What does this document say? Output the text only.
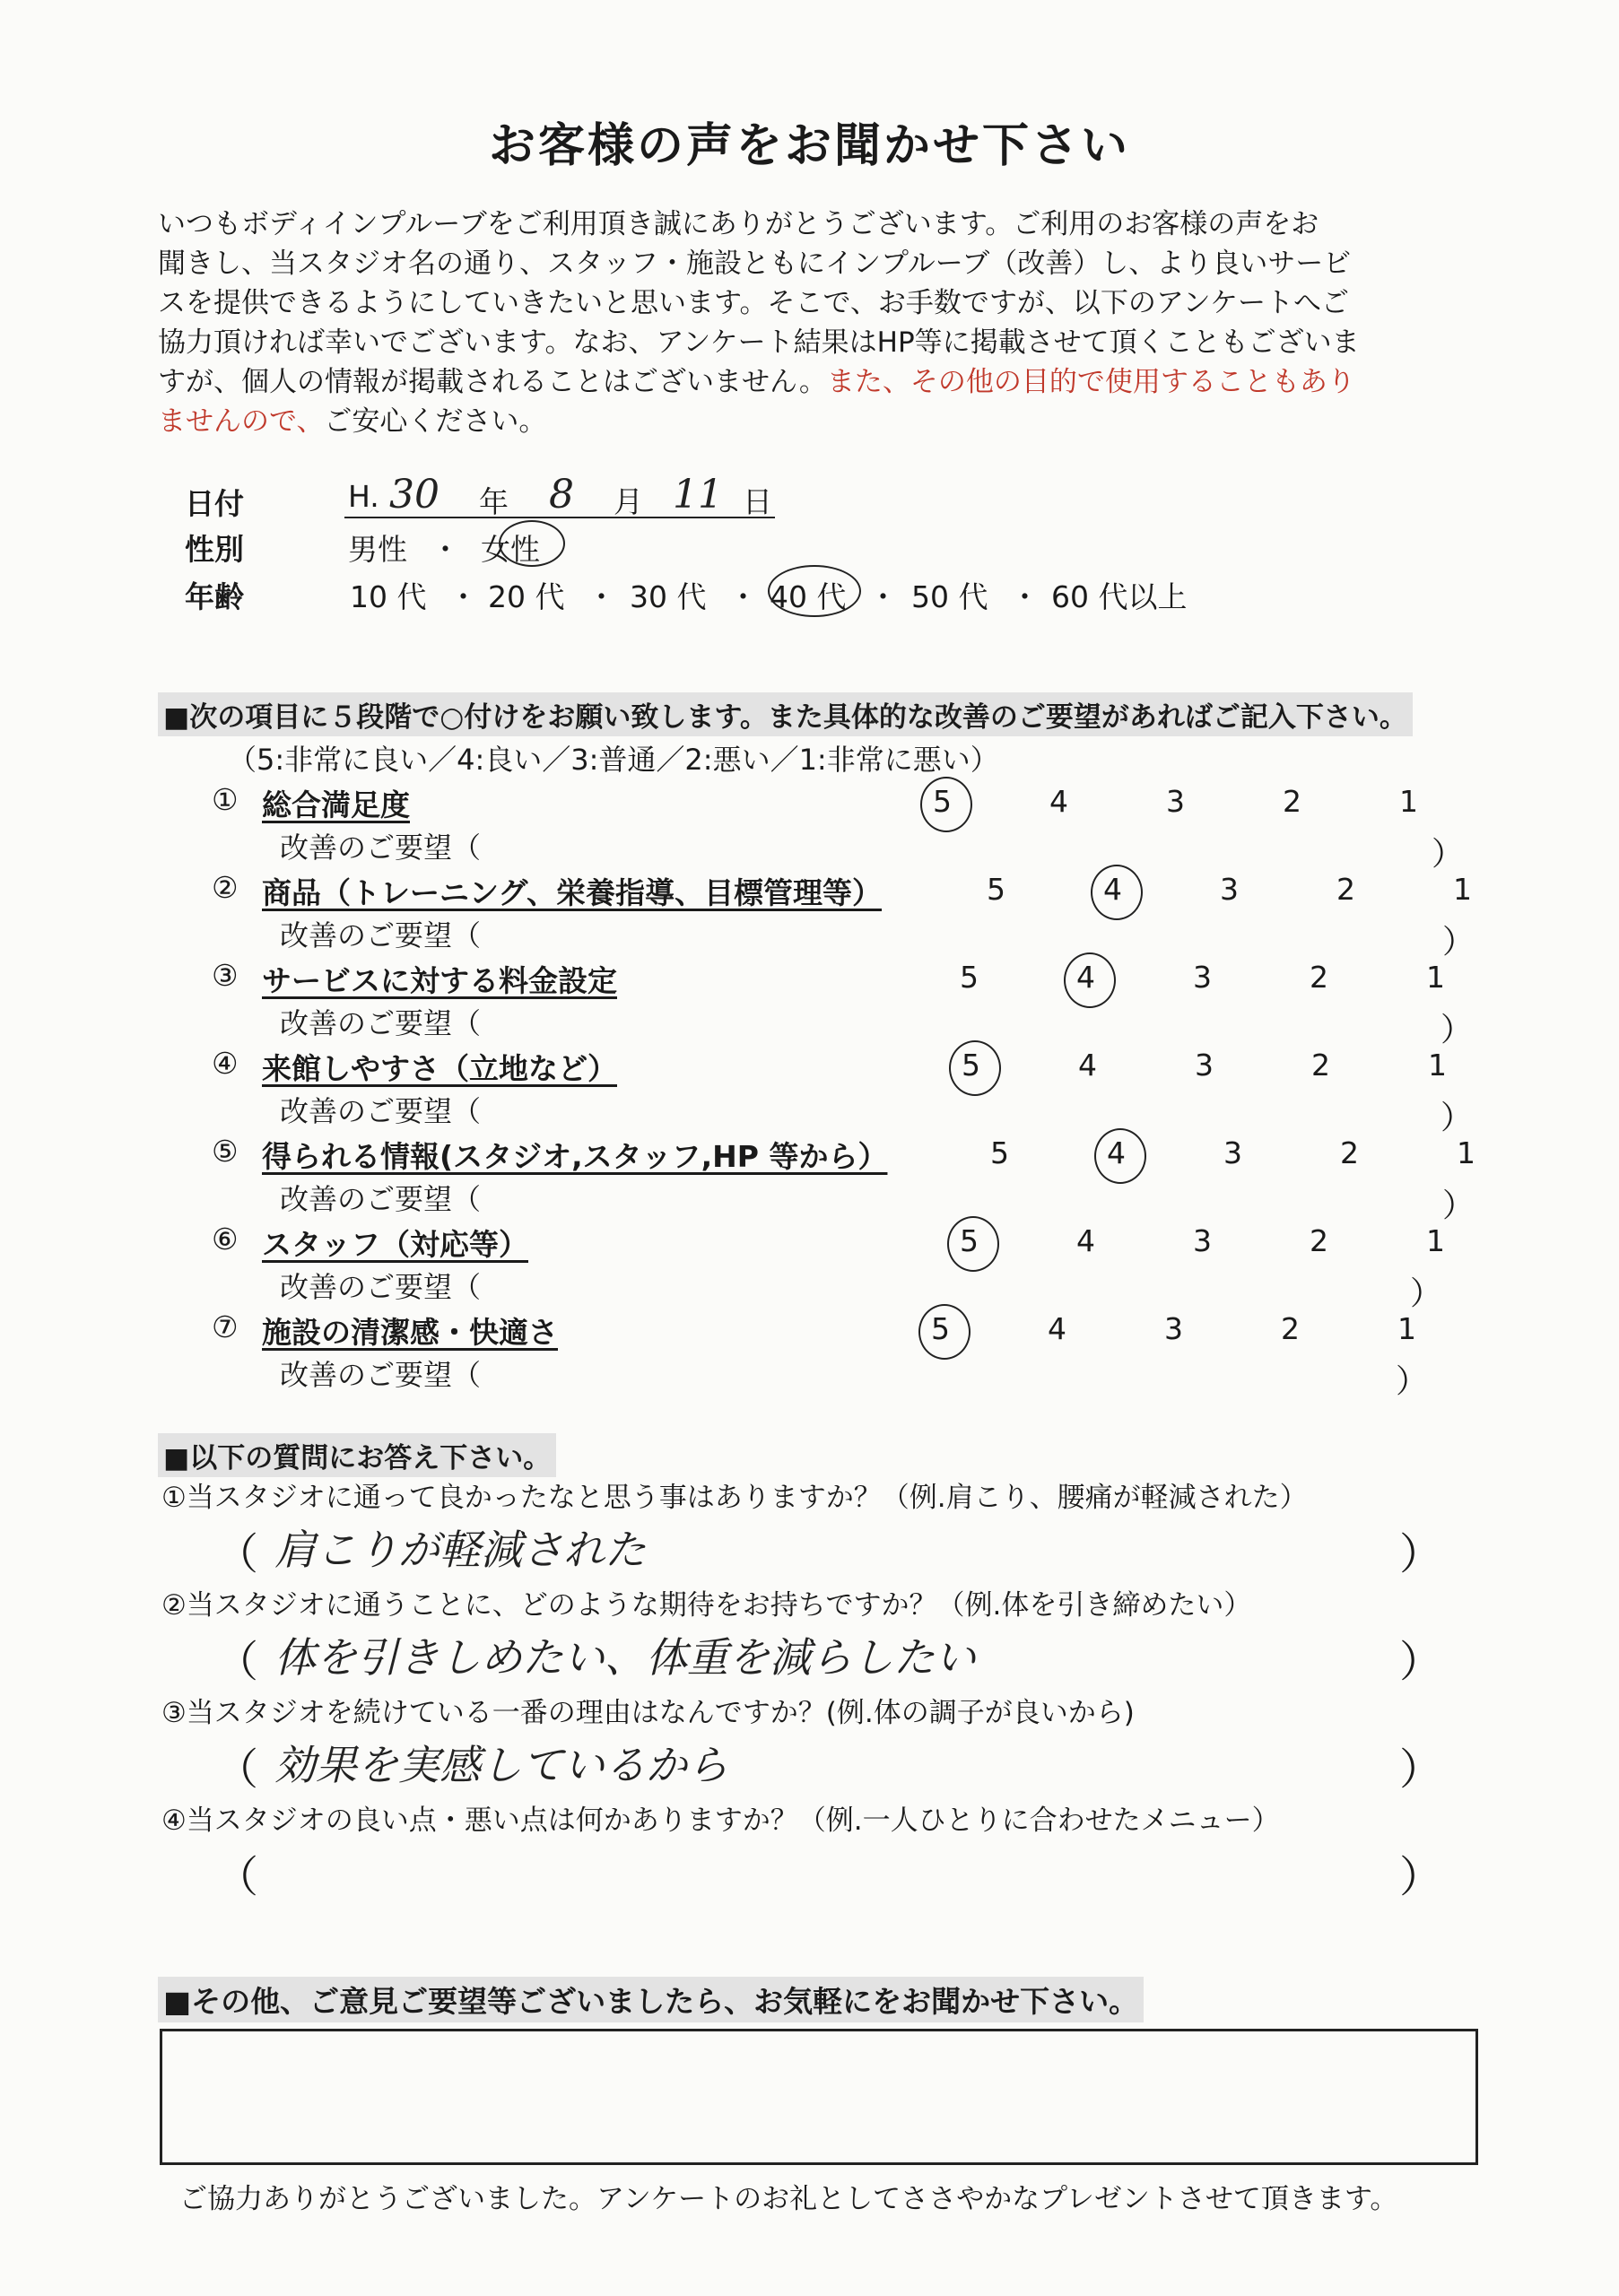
お客様の声をお聞かせ下さい
いつもボディインプルーブをご利用頂き誠にありがとうございます。ご利用のお客様の声をお
聞きし、当スタジオ名の通り、スタッフ・施設ともにインプルーブ（改善）し、より良いサービ
スを提供できるようにしていきたいと思います。そこで、お手数ですが、以下のアンケートへご
協力頂ければ幸いでございます。なお、アンケート結果はHP等に掲載させて頂くこともございま
すが、個人の情報が掲載されることはございません。また、その他の目的で使用することもあり
ませんので、ご安心ください。
日付	H. 30 年 8 月 11 日
性別	男性 ・ 女性
年齢	10 代 ・ 20 代 ・ 30 代 ・ 40 代 ・ 50 代 ・ 60 代以上
■次の項目に５段階で○付けをお願い致します。また具体的な改善のご要望があればご記入下さい。
（5:非常に良い／4:良い／3:普通／2:悪い／1:非常に悪い）
① 総合満足度	5	4	3	2	1
改善のご要望（	）
② 商品（トレーニング、栄養指導、目標管理等）	5	4	3	2	1
改善のご要望（	）
③ サービスに対する料金設定	5	4	3	2	1
改善のご要望（	）
④ 来館しやすさ（立地など）	5	4	3	2	1
改善のご要望（	）
⑤ 得られる情報(スタジオ,スタッフ,HP 等から）	5	4	3	2	1
改善のご要望（	）
⑥ スタッフ（対応等）	5	4	3	2	1
改善のご要望（	）
⑦ 施設の清潔感・快適さ	5	4	3	2	1
改善のご要望（	）
■以下の質問にお答え下さい。
①当スタジオに通って良かったなと思う事はありますか？（例.肩こり、腰痛が軽減された）
（ 肩こりが軽減された	）
②当スタジオに通うことに、どのような期待をお持ちですか？（例.体を引き締めたい）
（ 体を引きしめたい、体重を減らしたい	）
③当スタジオを続けている一番の理由はなんですか？(例.体の調子が良いから)
（ 効果を実感しているから	）
④当スタジオの良い点・悪い点は何かありますか？（例.一人ひとりに合わせたメニュー）
（	）
■その他、ご意見ご要望等ございましたら、お気軽にをお聞かせ下さい。
ご協力ありがとうございました。アンケートのお礼としてささやかなプレゼントさせて頂きます。
